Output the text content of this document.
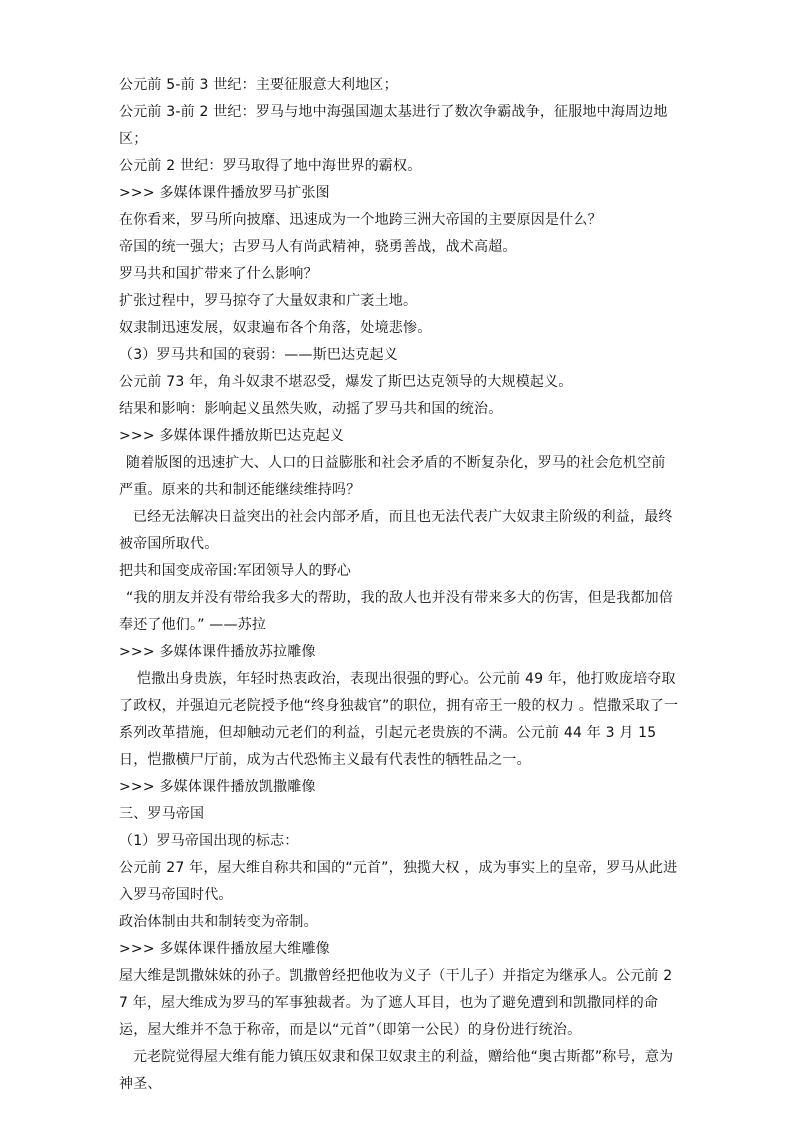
公元前 5-前 3 世纪：主要征服意大利地区；

公元前 3-前 2 世纪：罗马与地中海强国迦太基进行了数次争霸战争，征服地中海周边地区；

公元前 2 世纪：罗马取得了地中海世界的霸权。

>>> 多媒体课件播放罗马扩张图

在你看来，罗马所向披靡、迅速成为一个地跨三洲大帝国的主要原因是什么？

帝国的统一强大；古罗马人有尚武精神，骁勇善战，战术高超。

罗马共和国扩带来了什么影响？

扩张过程中，罗马掠夺了大量奴隶和广袤土地。

奴隶制迅速发展，奴隶遍布各个角落，处境悲惨。

（3）罗马共和国的衰弱：——斯巴达克起义

公元前 73 年，角斗奴隶不堪忍受，爆发了斯巴达克领导的大规模起义。

结果和影响：影响起义虽然失败，动摇了罗马共和国的统治。

>>> 多媒体课件播放斯巴达克起义

随着版图的迅速扩大、人口的日益膨胀和社会矛盾的不断复杂化，罗马的社会危机空前严重。原来的共和制还能继续维持吗？

已经无法解决日益突出的社会内部矛盾，而且也无法代表广大奴隶主阶级的利益，最终被帝国所取代。

把共和国变成帝国:军团领导人的野心

“我的朋友并没有带给我多大的帮助，我的敌人也并没有带来多大的伤害，但是我都加倍奉还了他们。” ——苏拉

>>> 多媒体课件播放苏拉雕像

恺撒出身贵族，年轻时热衷政治，表现出很强的野心。公元前 49 年，他打败庞培夺取了政权，并强迫元老院授予他“终身独裁官”的职位，拥有帝王一般的权力 。恺撒采取了一系列改革措施，但却触动元老们的利益，引起元老贵族的不满。公元前 44 年 3 月 15 日，恺撒横尸厅前，成为古代恐怖主义最有代表性的牺牲品之一。

>>> 多媒体课件播放凯撒雕像

三、罗马帝国

（1）罗马帝国出现的标志：

公元前 27 年，屋大维自称共和国的“元首”，独揽大权 ，成为事实上的皇帝，罗马从此进入罗马帝国时代。

政治体制由共和制转变为帝制。

>>> 多媒体课件播放屋大维雕像

屋大维是凯撒妹妹的孙子。凯撒曾经把他收为义子（干儿子）并指定为继承人。公元前 27 年，屋大维成为罗马的军事独裁者。为了遮人耳目，也为了避免遭到和凯撒同样的命运，屋大维并不急于称帝，而是以“元首”（即第一公民）的身份进行统治。

元老院觉得屋大维有能力镇压奴隶和保卫奴隶主的利益，赠给他“奥古斯都”称号，意为神圣、
